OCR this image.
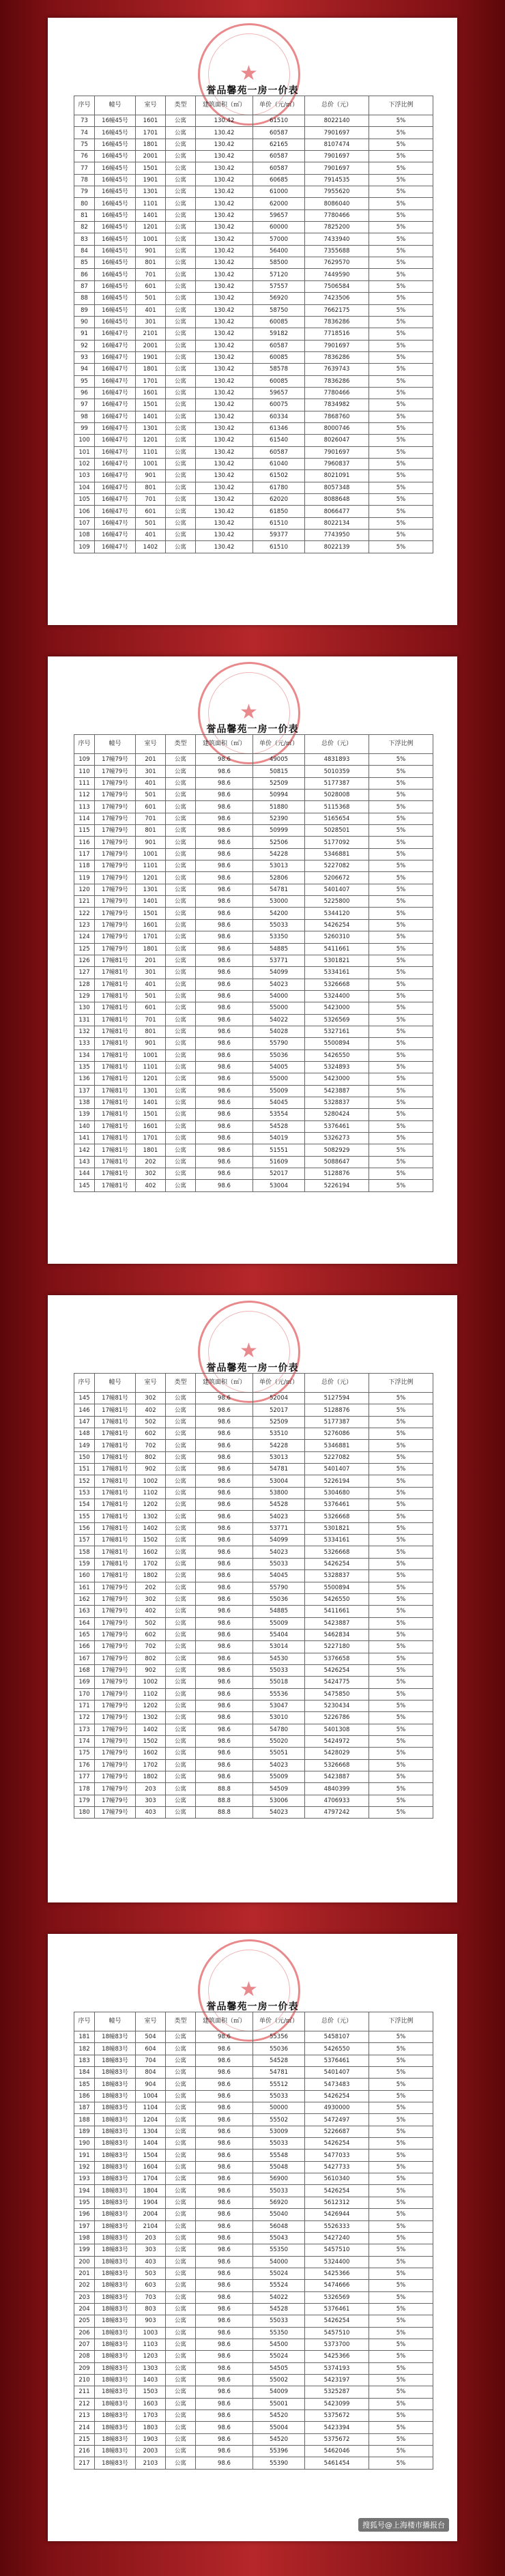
★
誉品馨苑一房一价表
序号	幢号	室号	类型	建筑面积（㎡）	单价（元/㎡）	总价（元）	下浮比例
73	16幢45号	1601	公寓	130.42	61510	8022140	5%
74	16幢45号	1701	公寓	130.42	60587	7901697	5%
75	16幢45号	1801	公寓	130.42	62165	8107474	5%
76	16幢45号	2001	公寓	130.42	60587	7901697	5%
77	16幢45号	1501	公寓	130.42	60587	7901697	5%
78	16幢45号	1901	公寓	130.42	60685	7914535	5%
79	16幢45号	1301	公寓	130.42	61000	7955620	5%
80	16幢45号	1101	公寓	130.42	62000	8086040	5%
81	16幢45号	1401	公寓	130.42	59657	7780466	5%
82	16幢45号	1201	公寓	130.42	60000	7825200	5%
83	16幢45号	1001	公寓	130.42	57000	7433940	5%
84	16幢45号	901	公寓	130.42	56400	7355688	5%
85	16幢45号	801	公寓	130.42	58500	7629570	5%
86	16幢45号	701	公寓	130.42	57120	7449590	5%
87	16幢45号	601	公寓	130.42	57557	7506584	5%
88	16幢45号	501	公寓	130.42	56920	7423506	5%
89	16幢45号	401	公寓	130.42	58750	7662175	5%
90	16幢45号	301	公寓	130.42	60085	7836286	5%
91	16幢47号	2101	公寓	130.42	59182	7718516	5%
92	16幢47号	2001	公寓	130.42	60587	7901697	5%
93	16幢47号	1901	公寓	130.42	60085	7836286	5%
94	16幢47号	1801	公寓	130.42	58578	7639743	5%
95	16幢47号	1701	公寓	130.42	60085	7836286	5%
96	16幢47号	1601	公寓	130.42	59657	7780466	5%
97	16幢47号	1501	公寓	130.42	60075	7834982	5%
98	16幢47号	1401	公寓	130.42	60334	7868760	5%
99	16幢47号	1301	公寓	130.42	61346	8000746	5%
100	16幢47号	1201	公寓	130.42	61540	8026047	5%
101	16幢47号	1101	公寓	130.42	60587	7901697	5%
102	16幢47号	1001	公寓	130.42	61040	7960837	5%
103	16幢47号	901	公寓	130.42	61502	8021091	5%
104	16幢47号	801	公寓	130.42	61780	8057348	5%
105	16幢47号	701	公寓	130.42	62020	8088648	5%
106	16幢47号	601	公寓	130.42	61850	8066477	5%
107	16幢47号	501	公寓	130.42	61510	8022134	5%
108	16幢47号	401	公寓	130.42	59377	7743950	5%
109	16幢47号	1402	公寓	130.42	61510	8022139	5%
★
誉品馨苑一房一价表
序号	幢号	室号	类型	建筑面积（㎡）	单价（元/㎡）	总价（元）	下浮比例
109	17幢79号	201	公寓	98.6	49005	4831893	5%
110	17幢79号	301	公寓	98.6	50815	5010359	5%
111	17幢79号	401	公寓	98.6	52509	5177387	5%
112	17幢79号	501	公寓	98.6	50994	5028008	5%
113	17幢79号	601	公寓	98.6	51880	5115368	5%
114	17幢79号	701	公寓	98.6	52390	5165654	5%
115	17幢79号	801	公寓	98.6	50999	5028501	5%
116	17幢79号	901	公寓	98.6	52506	5177092	5%
117	17幢79号	1001	公寓	98.6	54228	5346881	5%
118	17幢79号	1101	公寓	98.6	53013	5227082	5%
119	17幢79号	1201	公寓	98.6	52806	5206672	5%
120	17幢79号	1301	公寓	98.6	54781	5401407	5%
121	17幢79号	1401	公寓	98.6	53000	5225800	5%
122	17幢79号	1501	公寓	98.6	54200	5344120	5%
123	17幢79号	1601	公寓	98.6	55033	5426254	5%
124	17幢79号	1701	公寓	98.6	53350	5260310	5%
125	17幢79号	1801	公寓	98.6	54885	5411661	5%
126	17幢81号	201	公寓	98.6	53771	5301821	5%
127	17幢81号	301	公寓	98.6	54099	5334161	5%
128	17幢81号	401	公寓	98.6	54023	5326668	5%
129	17幢81号	501	公寓	98.6	54000	5324400	5%
130	17幢81号	601	公寓	98.6	55000	5423000	5%
131	17幢81号	701	公寓	98.6	54022	5326569	5%
132	17幢81号	801	公寓	98.6	54028	5327161	5%
133	17幢81号	901	公寓	98.6	55790	5500894	5%
134	17幢81号	1001	公寓	98.6	55036	5426550	5%
135	17幢81号	1101	公寓	98.6	54005	5324893	5%
136	17幢81号	1201	公寓	98.6	55000	5423000	5%
137	17幢81号	1301	公寓	98.6	55009	5423887	5%
138	17幢81号	1401	公寓	98.6	54045	5328837	5%
139	17幢81号	1501	公寓	98.6	53554	5280424	5%
140	17幢81号	1601	公寓	98.6	54528	5376461	5%
141	17幢81号	1701	公寓	98.6	54019	5326273	5%
142	17幢81号	1801	公寓	98.6	51551	5082929	5%
143	17幢81号	202	公寓	98.6	51609	5088647	5%
144	17幢81号	302	公寓	98.6	52017	5128876	5%
145	17幢81号	402	公寓	98.6	53004	5226194	5%
★
誉品馨苑一房一价表
序号	幢号	室号	类型	建筑面积（㎡）	单价（元/㎡）	总价（元）	下浮比例
145	17幢81号	302	公寓	98.6	52004	5127594	5%
146	17幢81号	402	公寓	98.6	52017	5128876	5%
147	17幢81号	502	公寓	98.6	52509	5177387	5%
148	17幢81号	602	公寓	98.6	53510	5276086	5%
149	17幢81号	702	公寓	98.6	54228	5346881	5%
150	17幢81号	802	公寓	98.6	53013	5227082	5%
151	17幢81号	902	公寓	98.6	54781	5401407	5%
152	17幢81号	1002	公寓	98.6	53004	5226194	5%
153	17幢81号	1102	公寓	98.6	53800	5304680	5%
154	17幢81号	1202	公寓	98.6	54528	5376461	5%
155	17幢81号	1302	公寓	98.6	54023	5326668	5%
156	17幢81号	1402	公寓	98.6	53771	5301821	5%
157	17幢81号	1502	公寓	98.6	54099	5334161	5%
158	17幢81号	1602	公寓	98.6	54023	5326668	5%
159	17幢81号	1702	公寓	98.6	55033	5426254	5%
160	17幢81号	1802	公寓	98.6	54045	5328837	5%
161	17幢79号	202	公寓	98.6	55790	5500894	5%
162	17幢79号	302	公寓	98.6	55036	5426550	5%
163	17幢79号	402	公寓	98.6	54885	5411661	5%
164	17幢79号	502	公寓	98.6	55009	5423887	5%
165	17幢79号	602	公寓	98.6	55404	5462834	5%
166	17幢79号	702	公寓	98.6	53014	5227180	5%
167	17幢79号	802	公寓	98.6	54530	5376658	5%
168	17幢79号	902	公寓	98.6	55033	5426254	5%
169	17幢79号	1002	公寓	98.6	55018	5424775	5%
170	17幢79号	1102	公寓	98.6	55536	5475850	5%
171	17幢79号	1202	公寓	98.6	53047	5230434	5%
172	17幢79号	1302	公寓	98.6	53010	5226786	5%
173	17幢79号	1402	公寓	98.6	54780	5401308	5%
174	17幢79号	1502	公寓	98.6	55020	5424972	5%
175	17幢79号	1602	公寓	98.6	55051	5428029	5%
176	17幢79号	1702	公寓	98.6	54023	5326668	5%
177	17幢79号	1802	公寓	98.6	55009	5423887	5%
178	17幢79号	203	公寓	88.8	54509	4840399	5%
179	17幢79号	303	公寓	88.8	53006	4706933	5%
180	17幢79号	403	公寓	88.8	54023	4797242	5%
★
誉品馨苑一房一价表
序号	幢号	室号	类型	建筑面积（㎡）	单价（元/㎡）	总价（元）	下浮比例
181	18幢83号	504	公寓	98.6	55356	5458107	5%
182	18幢83号	604	公寓	98.6	55036	5426550	5%
183	18幢83号	704	公寓	98.6	54528	5376461	5%
184	18幢83号	804	公寓	98.6	54781	5401407	5%
185	18幢83号	904	公寓	98.6	55512	5473483	5%
186	18幢83号	1004	公寓	98.6	55033	5426254	5%
187	18幢83号	1104	公寓	98.6	50000	4930000	5%
188	18幢83号	1204	公寓	98.6	55502	5472497	5%
189	18幢83号	1304	公寓	98.6	53009	5226687	5%
190	18幢83号	1404	公寓	98.6	55033	5426254	5%
191	18幢83号	1504	公寓	98.6	55548	5477033	5%
192	18幢83号	1604	公寓	98.6	55048	5427733	5%
193	18幢83号	1704	公寓	98.6	56900	5610340	5%
194	18幢83号	1804	公寓	98.6	55033	5426254	5%
195	18幢83号	1904	公寓	98.6	56920	5612312	5%
196	18幢83号	2004	公寓	98.6	55040	5426944	5%
197	18幢83号	2104	公寓	98.6	56048	5526333	5%
198	18幢83号	203	公寓	98.6	55043	5427240	5%
199	18幢83号	303	公寓	98.6	55350	5457510	5%
200	18幢83号	403	公寓	98.6	54000	5324400	5%
201	18幢83号	503	公寓	98.6	55024	5425366	5%
202	18幢83号	603	公寓	98.6	55524	5474666	5%
203	18幢83号	703	公寓	98.6	54022	5326569	5%
204	18幢83号	803	公寓	98.6	54528	5376461	5%
205	18幢83号	903	公寓	98.6	55033	5426254	5%
206	18幢83号	1003	公寓	98.6	55350	5457510	5%
207	18幢83号	1103	公寓	98.6	54500	5373700	5%
208	18幢83号	1203	公寓	98.6	55024	5425366	5%
209	18幢83号	1303	公寓	98.6	54505	5374193	5%
210	18幢83号	1403	公寓	98.6	55002	5423197	5%
211	18幢83号	1503	公寓	98.6	54009	5325287	5%
212	18幢83号	1603	公寓	98.6	55001	5423099	5%
213	18幢83号	1703	公寓	98.6	54520	5375672	5%
214	18幢83号	1803	公寓	98.6	55004	5423394	5%
215	18幢83号	1903	公寓	98.6	54520	5375672	5%
216	18幢83号	2003	公寓	98.6	55396	5462046	5%
217	18幢83号	2103	公寓	98.6	55390	5461454	5%
搜狐号@上海楼市播报台
